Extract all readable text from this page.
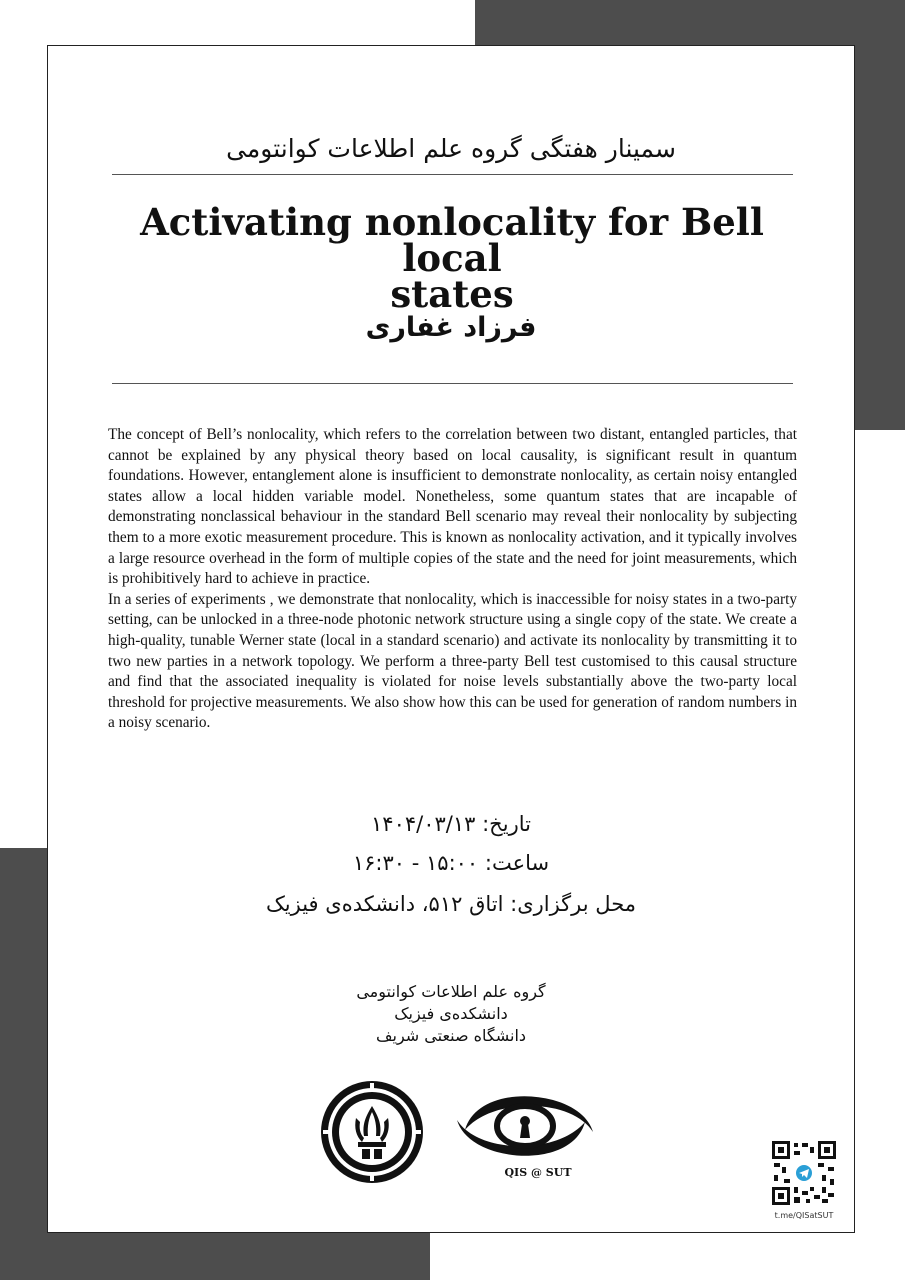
سمینار هفتگی گروه علم اطلاعات کوانتومی
Activating nonlocality for Bell local
states
فرزاد غفاری

The concept of Bell’s nonlocality, which refers to the correlation between two distant, entangled particles, that cannot be explained by any physical theory based on local causality, is significant result in quantum foundations. However, entanglement alone is insufficient to demonstrate nonlocality, as certain noisy entangled states allow a local hidden variable model. Nonetheless, some quantum states that are incapable of demonstrating nonclassical behaviour in the standard Bell scenario may reveal their nonlocality by subjecting them to a more exotic measurement procedure. This is known as nonlocality activation, and it typically involves a large resource overhead in the form of multiple copies of the state and the need for joint measurements, which is prohibitively hard to achieve in practice.

In a series of experiments , we demonstrate that nonlocality, which is inaccessible for noisy states in a two-party setting, can be unlocked in a three-node photonic network structure using a single copy of the state. We create a high-quality, tunable Werner state (local in a standard scenario) and activate its nonlocality by transmitting it to two new parties in a network topology. We perform a three-party Bell test customised to this causal structure and find that the associated inequality is violated for noise levels substantially above the two-party local threshold for projective measurements. We also show how this can be used for generation of random numbers in a noisy scenario.

تاریخ: ۱۴۰۴/۰۳/۱۳
ساعت: ۱۵:۰۰ - ۱۶:۳۰
محل برگزاری: اتاق ۵۱۲، دانشکده‌ی فیزیک
گروه علم اطلاعات کوانتومی
دانشکده‌ی فیزیک
دانشگاه صنعتی شریف
QIS @ SUT
t.me/QISatSUT
